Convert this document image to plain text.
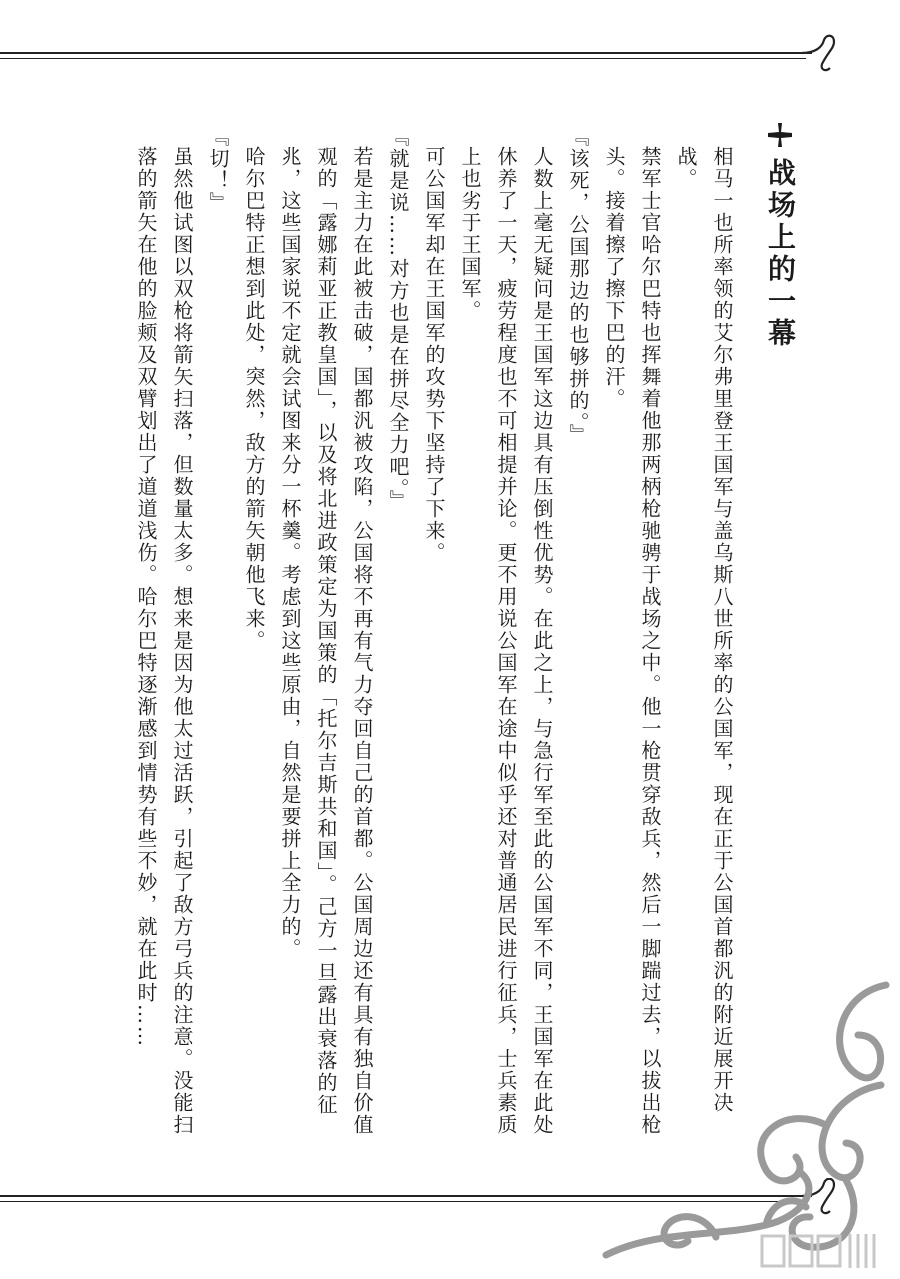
战场上的一幕

相马一也所率领的艾尔弗里登王国军与盖乌斯八世所率的公国军，现在正于公国首都汎的附近展开决战。

禁军士官哈尔巴特也挥舞着他那两柄枪驰骋于战场之中。他一枪贯穿敌兵，然后一脚踹过去，以拔出枪头。接着擦了擦下巴的汗。

『该死，公国那边的也够拼的。』

人数上毫无疑问是王国军这边具有压倒性优势。在此之上，与急行军至此的公国军不同，王国军在此处休养了一天，疲劳程度也不可相提并论。更不用说公国军在途中似乎还对普通居民进行征兵，士兵素质上也劣于王国军。

可公国军却在王国军的攻势下坚持了下来。

『就是说……对方也是在拼尽全力吧。』

若是主力在此被击破，国都汎被攻陷，公国将不再有气力夺回自己的首都。公国周边还有具有独自价值观的「露娜莉亚正教皇国」，以及将北进政策定为国策的「托尔吉斯共和国」。己方一旦露出衰落的征兆，这些国家说不定就会试图来分一杯羹。考虑到这些原由，自然是要拼上全力的。

哈尔巴特正想到此处，突然，敌方的箭矢朝他飞来。

『切！』

虽然他试图以双枪将箭矢扫落，但数量太多。想来是因为他太过活跃，引起了敌方弓兵的注意。没能扫落的箭矢在他的脸颊及双臂划出了道道浅伤。哈尔巴特逐渐感到情势有些不妙，就在此时……
